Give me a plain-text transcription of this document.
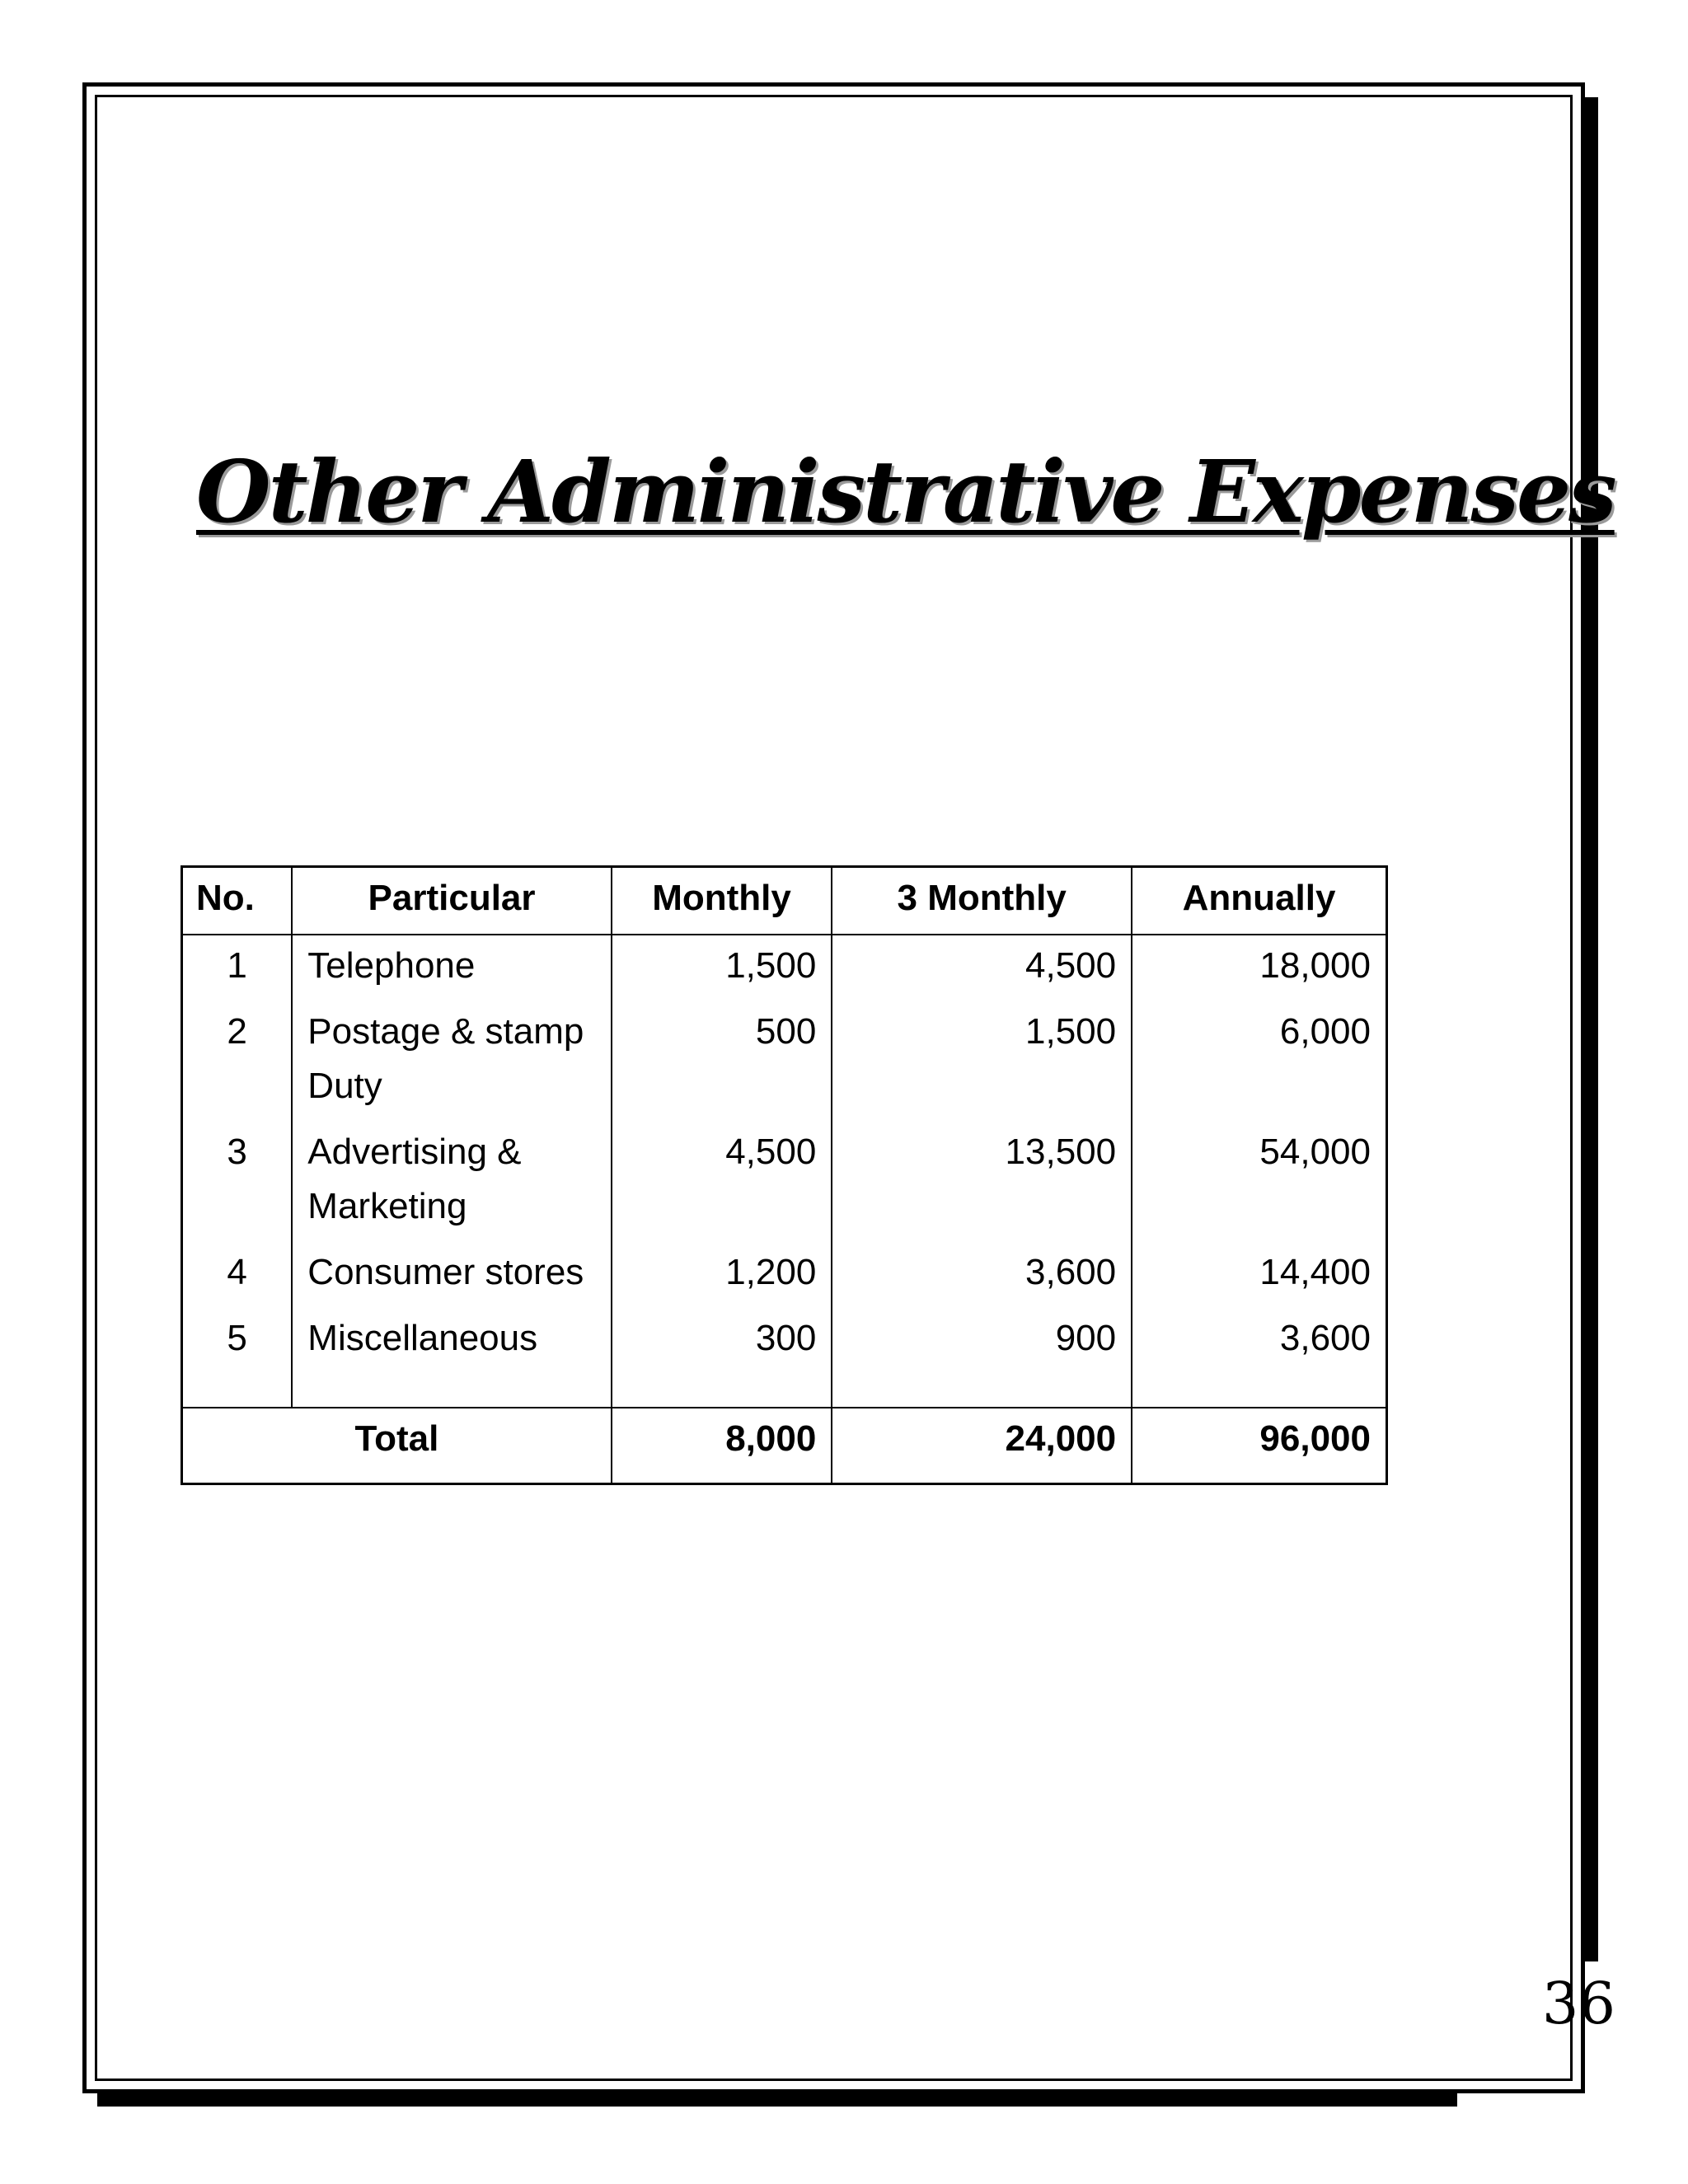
Other Administrative Expenses
No.	Particular	Monthly	3 Monthly	Annually
1	Telephone	1,500	4,500	18,000
2	Postage & stamp Duty	500	1,500	6,000
3	Advertising & Marketing	4,500	13,500	54,000
4	Consumer stores	1,200	3,600	14,400
5	Miscellaneous	300	900	3,600

Total		8,000	24,000	96,000
36
